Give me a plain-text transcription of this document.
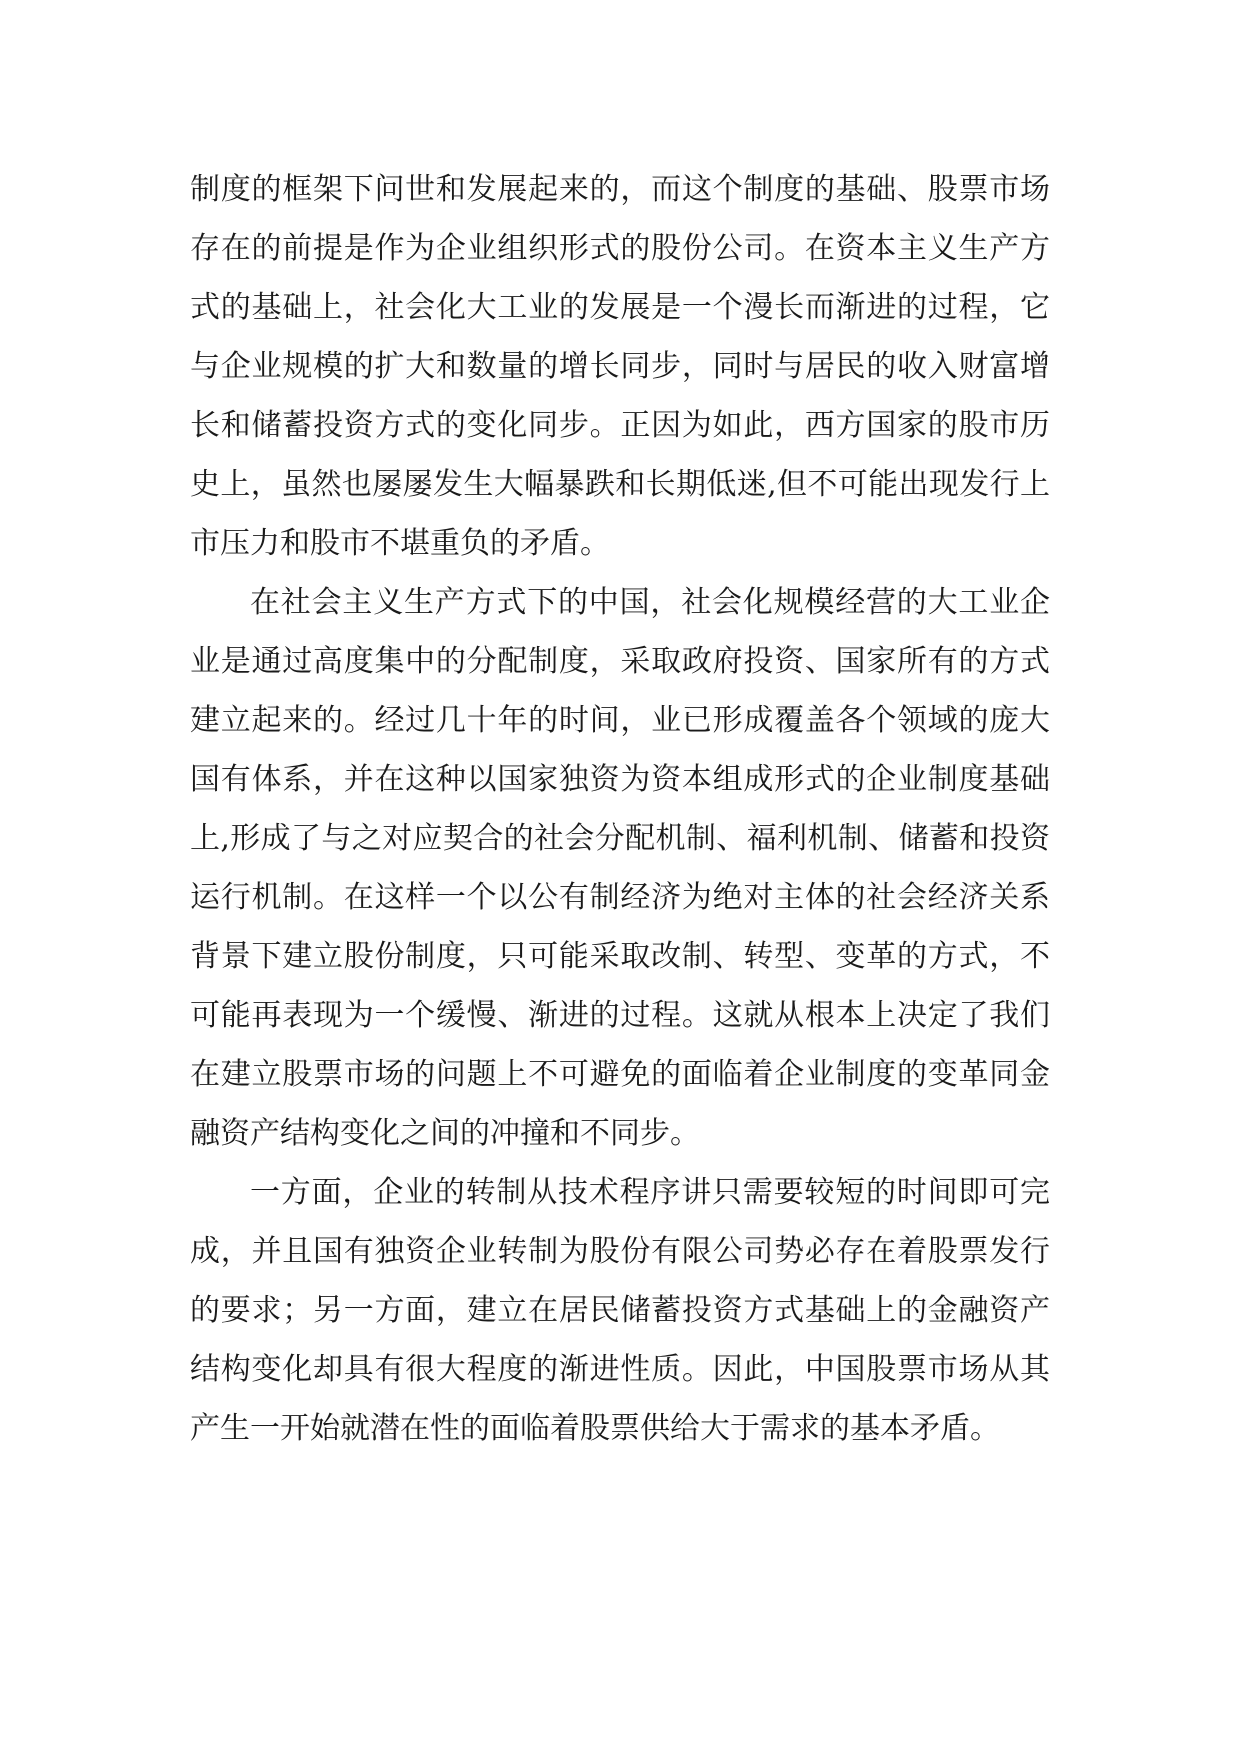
制度的框架下问世和发展起来的，而这个制度的基础、股票市场存在的前提是作为企业组织形式的股份公司。在资本主义生产方式的基础上，社会化大工业的发展是一个漫长而渐进的过程，它与企业规模的扩大和数量的增长同步，同时与居民的收入财富增长和储蓄投资方式的变化同步。正因为如此，西方国家的股市历史上，虽然也屡屡发生大幅暴跌和长期低迷,但不可能出现发行上市压力和股市不堪重负的矛盾。

在社会主义生产方式下的中国，社会化规模经营的大工业企业是通过高度集中的分配制度，采取政府投资、国家所有的方式建立起来的。经过几十年的时间，业已形成覆盖各个领域的庞大国有体系，并在这种以国家独资为资本组成形式的企业制度基础上,形成了与之对应契合的社会分配机制、福利机制、储蓄和投资运行机制。在这样一个以公有制经济为绝对主体的社会经济关系背景下建立股份制度，只可能采取改制、转型、变革的方式，不可能再表现为一个缓慢、渐进的过程。这就从根本上决定了我们在建立股票市场的问题上不可避免的面临着企业制度的变革同金融资产结构变化之间的冲撞和不同步。

一方面，企业的转制从技术程序讲只需要较短的时间即可完成，并且国有独资企业转制为股份有限公司势必存在着股票发行的要求；另一方面，建立在居民储蓄投资方式基础上的金融资产结构变化却具有很大程度的渐进性质。因此，中国股票市场从其产生一开始就潜在性的面临着股票供给大于需求的基本矛盾。
